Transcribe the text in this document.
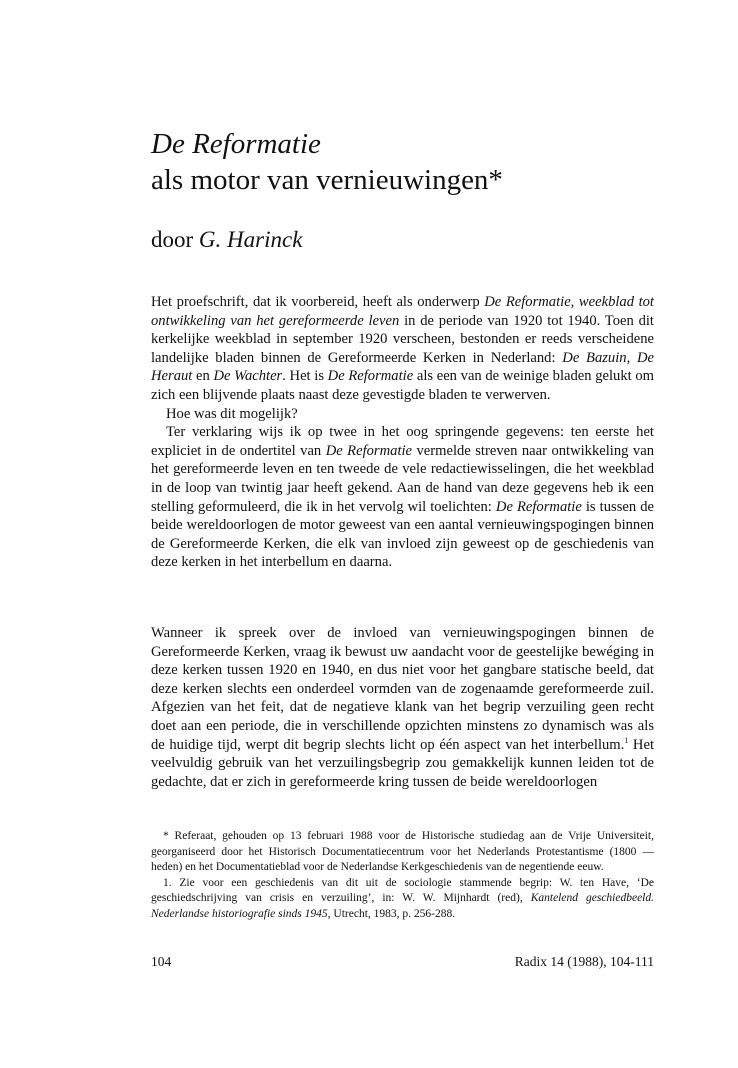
De Reformatie
als motor van vernieuwingen*
door G. Harinck

Het proefschrift, dat ik voorbereid, heeft als onderwerp De Reformatie, weekblad tot ontwikkeling van het gereformeerde leven in de periode van 1920 tot 1940. Toen dit kerkelijke weekblad in september 1920 verscheen, bestonden er reeds verscheidene landelijke bladen binnen de Gereformeerde Kerken in Nederland: De Bazuin, De Heraut en De Wachter. Het is De Reformatie als een van de weinige bladen gelukt om zich een blijvende plaats naast deze gevestigde bladen te verwerven.

Hoe was dit mogelijk?

Ter verklaring wijs ik op twee in het oog springende gegevens: ten eerste het expliciet in de ondertitel van De Reformatie vermelde streven naar ontwikkeling van het gereformeerde leven en ten tweede de vele redactiewisselingen, die het weekblad in de loop van twintig jaar heeft gekend. Aan de hand van deze gegevens heb ik een stelling geformuleerd, die ik in het vervolg wil toelichten: De Reformatie is tussen de beide wereldoorlogen de motor geweest van een aantal vernieuwingspogingen binnen de Gereformeerde Kerken, die elk van invloed zijn geweest op de geschiedenis van deze kerken in het interbellum en daarna.

Wanneer ik spreek over de invloed van vernieuwingspogingen binnen de Gereformeerde Kerken, vraag ik bewust uw aandacht voor de geestelijke bewéging in deze kerken tussen 1920 en 1940, en dus niet voor het gangbare statische beeld, dat deze kerken slechts een onderdeel vormden van de zogenaamde gereformeerde zuil. Afgezien van het feit, dat de negatieve klank van het begrip verzuiling geen recht doet aan een periode, die in verschillende opzichten minstens zo dynamisch was als de huidige tijd, werpt dit begrip slechts licht op één aspect van het interbellum.$^1$ Het veelvuldig gebruik van het verzuilingsbegrip zou gemakkelijk kunnen leiden tot de gedachte, dat er zich in gereformeerde kring tussen de beide wereldoorlogen

* Referaat, gehouden op 13 februari 1988 voor de Historische studiedag aan de Vrije Universiteit, georganiseerd door het Historisch Documentatiecentrum voor het Nederlands Protestantisme (1800 — heden) en het Documentatieblad voor de Nederlandse Kerkgeschiedenis van de negentiende eeuw.

1. Zie voor een geschiedenis van dit uit de sociologie stammende begrip: W. ten Have, ‘De geschiedschrijving van crisis en verzuiling’, in: W. W. Mijnhardt (red), Kantelend geschiedbeeld. Nederlandse historiografie sinds 1945, Utrecht, 1983, p. 256-288.

104	Radix 14 (1988), 104-111
